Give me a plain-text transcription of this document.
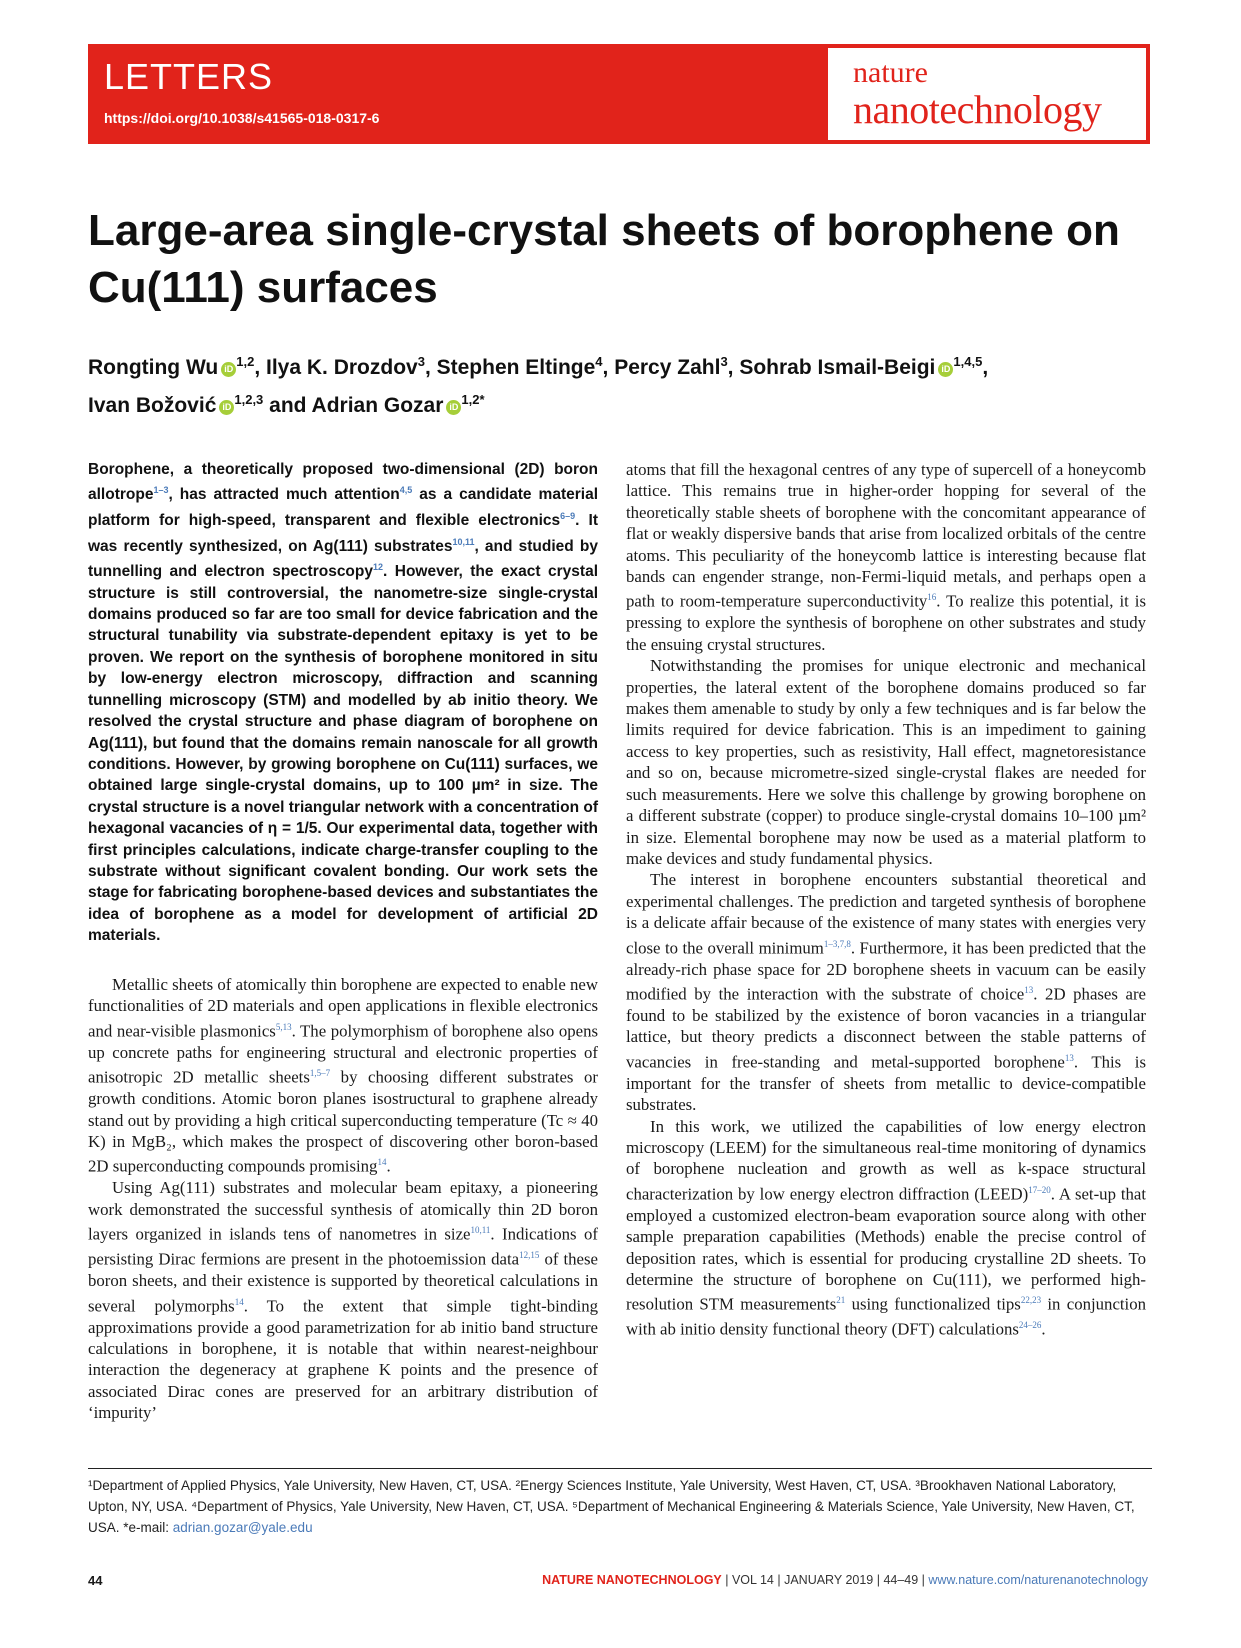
LETTERS
https://doi.org/10.1038/s41565-018-0317-6
nature
nanotechnology
Large-area single-crystal sheets of borophene on Cu(111) surfaces
Rongting Wu iD $^{1,2}$, Ilya K. Drozdov$^3$, Stephen Eltinge$^4$, Percy Zahl$^3$, Sohrab Ismail-Beigi iD $^{1,4,5}$,
Ivan Božović iD $^{1,2,3}$ and Adrian Gozar iD $^{1,2*}$
Borophene, a theoretically proposed two-dimensional (2D) boron allotrope$^{1-3}$, has attracted much attention$^{4,5}$ as a candidate material platform for high-speed, transparent and flexible electronics$^{6-9}$. It was recently synthesized, on Ag(111) substrates$^{10,11}$, and studied by tunnelling and electron spectroscopy$^{12}$. However, the exact crystal structure is still controversial, the nanometre-size single-crystal domains produced so far are too small for device fabrication and the structural tunability via substrate-dependent epitaxy is yet to be proven. We report on the synthesis of borophene monitored in situ by low-energy electron microscopy, diffraction and scanning tunnelling microscopy (STM) and modelled by ab initio theory. We resolved the crystal structure and phase diagram of borophene on Ag(111), but found that the domains remain nanoscale for all growth conditions. However, by growing borophene on Cu(111) surfaces, we obtained large single-crystal domains, up to 100 µm² in size. The crystal structure is a novel triangular network with a concentration of hexagonal vacancies of η = 1/5. Our experimental data, together with first principles calculations, indicate charge-transfer coupling to the substrate without significant covalent bonding. Our work sets the stage for fabricating borophene-based devices and substantiates the idea of borophene as a model for development of artificial 2D materials.

Metallic sheets of atomically thin borophene are expected to enable new functionalities of 2D materials and open applications in flexible electronics and near-visible plasmonics$^{5,13}$. The polymorphism of borophene also opens up concrete paths for engineering structural and electronic properties of anisotropic 2D metallic sheets$^{1,5-7}$ by choosing different substrates or growth conditions. Atomic boron planes isostructural to graphene already stand out by providing a high critical superconducting temperature (Tc ≈ 40 K) in MgB₂, which makes the prospect of discovering other boron-based 2D superconducting compounds promising$^{14}$.

Using Ag(111) substrates and molecular beam epitaxy, a pioneering work demonstrated the successful synthesis of atomically thin 2D boron layers organized in islands tens of nanometres in size$^{10,11}$. Indications of persisting Dirac fermions are present in the photoemission data$^{12,15}$ of these boron sheets, and their existence is supported by theoretical calculations in several polymorphs$^{14}$. To the extent that simple tight-binding approximations provide a good parametrization for ab initio band structure calculations in borophene, it is notable that within nearest-neighbour interaction the degeneracy at graphene K points and the presence of associated Dirac cones are preserved for an arbitrary distribution of ‘impurity’

atoms that fill the hexagonal centres of any type of supercell of a honeycomb lattice. This remains true in higher-order hopping for several of the theoretically stable sheets of borophene with the concomitant appearance of flat or weakly dispersive bands that arise from localized orbitals of the centre atoms. This peculiarity of the honeycomb lattice is interesting because flat bands can engender strange, non-Fermi-liquid metals, and perhaps open a path to room-temperature superconductivity$^{16}$. To realize this potential, it is pressing to explore the synthesis of borophene on other substrates and study the ensuing crystal structures.

Notwithstanding the promises for unique electronic and mechanical properties, the lateral extent of the borophene domains produced so far makes them amenable to study by only a few techniques and is far below the limits required for device fabrication. This is an impediment to gaining access to key properties, such as resistivity, Hall effect, magnetoresistance and so on, because micrometre-sized single-crystal flakes are needed for such measurements. Here we solve this challenge by growing borophene on a different substrate (copper) to produce single-crystal domains 10–100 µm² in size. Elemental borophene may now be used as a material platform to make devices and study fundamental physics.

The interest in borophene encounters substantial theoretical and experimental challenges. The prediction and targeted synthesis of borophene is a delicate affair because of the existence of many states with energies very close to the overall minimum$^{1-3,7,8}$. Furthermore, it has been predicted that the already-rich phase space for 2D borophene sheets in vacuum can be easily modified by the interaction with the substrate of choice$^{13}$. 2D phases are found to be stabilized by the existence of boron vacancies in a triangular lattice, but theory predicts a disconnect between the stable patterns of vacancies in free-standing and metal-supported borophene$^{13}$. This is important for the transfer of sheets from metallic to device-compatible substrates.

In this work, we utilized the capabilities of low energy electron microscopy (LEEM) for the simultaneous real-time monitoring of dynamics of borophene nucleation and growth as well as k-space structural characterization by low energy electron diffraction (LEED)$^{17-20}$. A set-up that employed a customized electron-beam evaporation source along with other sample preparation capabilities (Methods) enable the precise control of deposition rates, which is essential for producing crystalline 2D sheets. To determine the structure of borophene on Cu(111), we performed high-resolution STM measurements$^{21}$ using functionalized tips$^{22,23}$ in conjunction with ab initio density functional theory (DFT) calculations$^{24-26}$.

¹Department of Applied Physics, Yale University, New Haven, CT, USA. ²Energy Sciences Institute, Yale University, West Haven, CT, USA. ³Brookhaven National Laboratory, Upton, NY, USA. ⁴Department of Physics, Yale University, New Haven, CT, USA. ⁵Department of Mechanical Engineering & Materials Science, Yale University, New Haven, CT, USA. *e-mail: adrian.gozar@yale.edu
44	NATURE NANOTECHNOLOGY | VOL 14 | JANUARY 2019 | 44–49 | www.nature.com/naturenanotechnology
